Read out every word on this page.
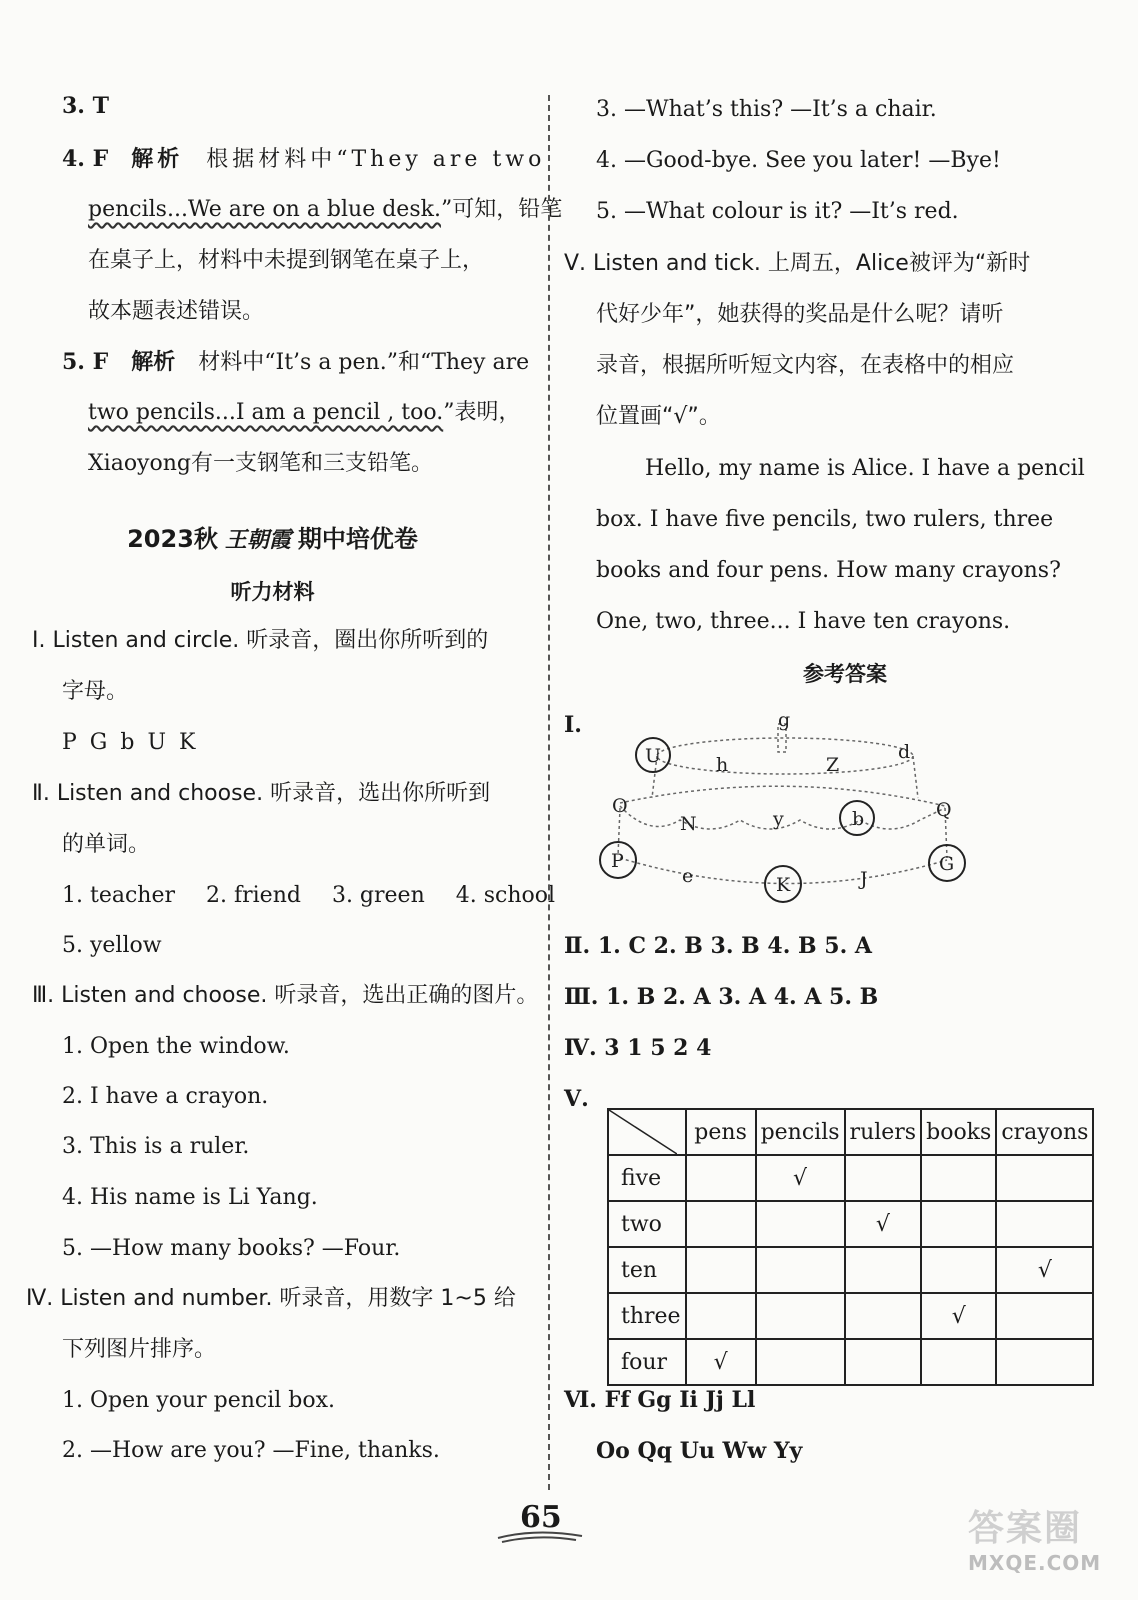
3. T
4. F 解析 根据材料中“They are two
pencils...We are on a blue desk.”可知，铅笔
在桌子上，材料中未提到钢笔在桌子上，
故本题表述错误。
5. F 解析 材料中“It’s a pen.”和“They are
two pencils...I am a pencil , too.”表明，
Xiaoyong有一支钢笔和三支铅笔。
2023秋 王朝霞 期中培优卷
听力材料
Ⅰ. Listen and circle. 听录音，圈出你所听到的
字母。
P G b U K
Ⅱ. Listen and choose. 听录音，选出你所听到
的单词。
1. teacher 2. friend 3. green 4. school
5. yellow
Ⅲ. Listen and choose. 听录音，选出正确的图片。
1. Open the window.
2. I have a crayon.
3. This is a ruler.
4. His name is Li Yang.
5. —How many books? —Four.
Ⅳ. Listen and number. 听录音，用数字 1~5 给
下列图片排序。
1. Open your pencil box.
2. —How are you? —Fine, thanks.
3. —What’s this? —It’s a chair.
4. —Good-bye. See you later! —Bye!
5. —What colour is it? —It’s red.
Ⅴ. Listen and tick. 上周五，Alice被评为“新时
代好少年”，她获得的奖品是什么呢？请听
录音，根据所听短文内容，在表格中的相应
位置画“√”。
Hello, my name is Alice. I have a pencil
box. I have five pencils, two rulers, three
books and four pens. How many crayons?
One, two, three... I have ten crayons.
参考答案
Ⅰ.
Ⅱ. 1. C 2. B 3. B 4. B 5. A
Ⅲ. 1. B 2. A 3. A 4. A 5. B
Ⅳ. 3 1 5 2 4
Ⅴ.
Ⅵ. Ff Gg Ii Jj Ll
Oo Qq Uu Ww Yy
g
d
U	h	Z
O	Q
N	y	b
P	G
e	K	J
	pens	pencils	rulers	books	crayons
five		√			
two			√		
ten					√
three				√	
four	√				
65	答案圈
MXQE.COM
